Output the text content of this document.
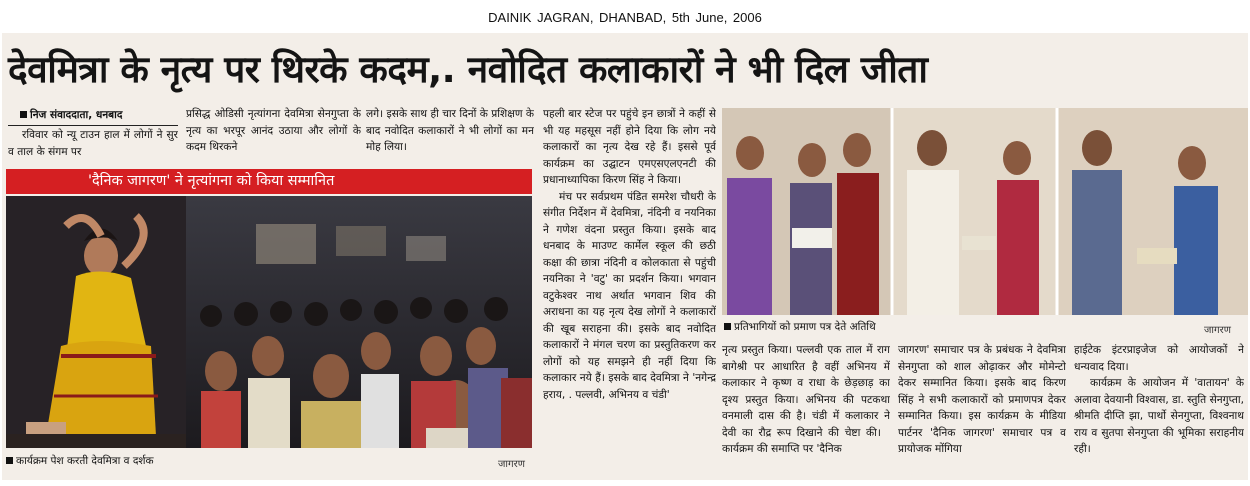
DAINIK JAGRAN, DHANBAD, 5th June, 2006
देवमित्रा के नृत्य पर थिरके कदम,. नवोदित कलाकारों ने भी दिल जीता
निज संवाददाता, धनबाद

रविवार को न्यू टाउन हाल में लोगों ने सुर व ताल के संगम पर

प्रसिद्ध ओडिसी नृत्यांगना देवमित्रा सेनगुप्ता के नृत्य का भरपूर आनंद उठाया और लोगों के कदम थिरकने

लगे। इसके साथ ही चार दिनों के प्रशिक्षण के बाद नवोदित कलाकारों ने भी लोगों का मन मोह लिया।

'दैनिक जागरण' ने नृत्यांगना को किया सम्मानित
कार्यक्रम पेश करती देवमित्रा व दर्शक	जागरण

पहली बार स्टेज पर पहुंचे इन छात्रों ने कहीं से भी यह महसूस नहीं होने दिया कि लोग नये कलाकारों का नृत्य देख रहे हैं। इससे पूर्व कार्यक्रम का उद्घाटन एमएसएलएनटी की प्रधानाध्यापिका किरण सिंह ने किया।

मंच पर सर्वप्रथम पंडित समरेश चौधरी के संगीत निर्देशन में देवमित्रा, नंदिनी व नयनिका ने गणेश वंदना प्रस्तुत किया। इसके बाद धनबाद के माउण्ट कार्मेल स्कूल की छठी कक्षा की छात्रा नंदिनी व कोलकाता से पहुंची नयनिका ने 'वटु' का प्रदर्शन किया। भगवान वटुकेश्वर नाथ अर्थात भगवान शिव की अराधना का यह नृत्य देख लोगों ने कलाकारों की खूब सराहना की। इसके बाद नवोदित कलाकारों ने मंगल चरण का प्रस्तुतिकरण कर लोगों को यह समझने ही नहीं दिया कि कलाकार नये हैं। इसके बाद देवमित्रा ने 'नगेन्द्र हराय, . पल्लवी, अभिनय व चंडी'

प्रतिभागियों को प्रमाण पत्र देते अतिथि	जागरण

नृत्य प्रस्तुत किया। पल्लवी एक ताल में राग बागेश्री पर आधारित है वहीं अभिनय में कलाकार ने कृष्ण व राधा के छेड़छाड़ का दृश्य प्रस्तुत किया। अभिनय की पटकथा वनमाली दास की है। चंडी में कलाकार ने देवी का रौद्र रूप दिखाने की चेष्टा की।   कार्यक्रम की समाप्ति पर 'दैनिक

जागरण' समाचार पत्र के प्रबंधक ने देवमित्रा सेनगुप्ता को शाल ओढ़ाकर और मोमेन्टो देकर सम्मानित किया। इसके बाद किरण सिंह ने सभी कलाकारों को प्रमाणपत्र देकर सम्मानित किया। इस कार्यक्रम के मीडिया पार्टनर 'दैनिक जागरण' समाचार पत्र व प्रायोजक मोंगिया

हाईटेक इंटरप्राइजेज को आयोजकों ने धन्यवाद दिया।

कार्यक्रम के आयोजन में 'वातायन' के अलावा देवयानी विश्वास, डा. स्तुति सेनगुप्ता, श्रीमति दीप्ति झा, पार्थो सेनगुप्ता, विश्वनाथ राय व सुतपा सेनगुप्ता की भूमिका सराहनीय रही।
